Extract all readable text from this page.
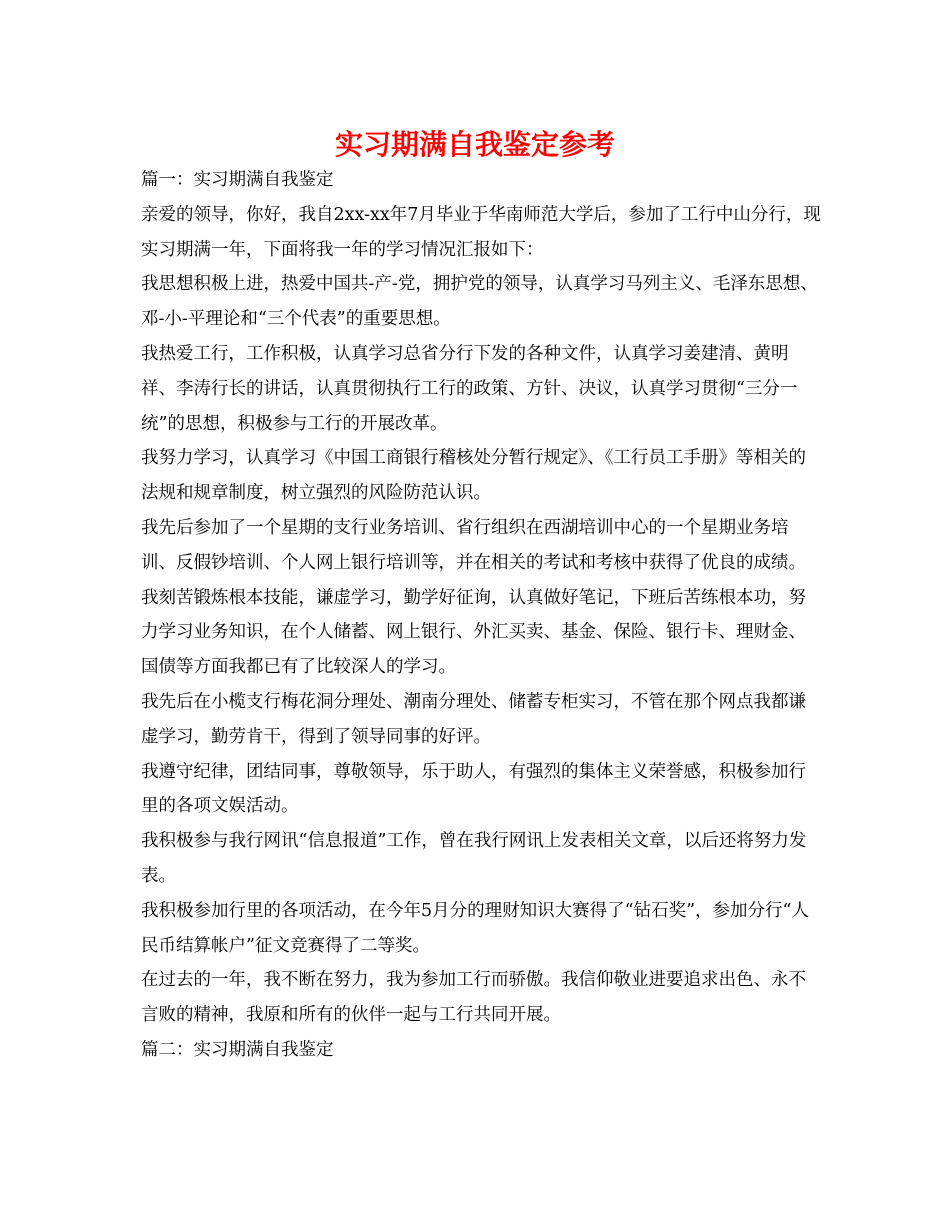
实习期满自我鉴定参考

篇一：实习期满自我鉴定

亲爱的领导，你好，我自2xx-xx年7月毕业于华南师范大学后，参加了工行中山分行，现实习期满一年，下面将我一年的学习情况汇报如下：

我思想积极上进，热爱中国共-产-党，拥护党的领导，认真学习马列主义、毛泽东思想、邓-小-平理论和“三个代表”的重要思想。

我热爱工行，工作积极，认真学习总省分行下发的各种文件，认真学习姜建清、黄明祥、李涛行长的讲话，认真贯彻执行工行的政策、方针、决议，认真学习贯彻“三分一统”的思想，积极参与工行的开展改革。

我努力学习，认真学习《中国工商银行稽核处分暂行规定》、《工行员工手册》等相关的法规和规章制度，树立强烈的风险防范认识。

我先后参加了一个星期的支行业务培训、省行组织在西湖培训中心的一个星期业务培训、反假钞培训、个人网上银行培训等，并在相关的考试和考核中获得了优良的成绩。

我刻苦锻炼根本技能，谦虚学习，勤学好征询，认真做好笔记，下班后苦练根本功，努力学习业务知识，在个人储蓄、网上银行、外汇买卖、基金、保险、银行卡、理财金、国债等方面我都已有了比较深人的学习。

我先后在小榄支行梅花洞分理处、潮南分理处、储蓄专柜实习，不管在那个网点我都谦虚学习，勤劳肯干，得到了领导同事的好评。

我遵守纪律，团结同事，尊敬领导，乐于助人，有强烈的集体主义荣誉感，积极参加行里的各项文娱活动。

我积极参与我行网讯“信息报道”工作，曾在我行网讯上发表相关文章，以后还将努力发表。

我积极参加行里的各项活动，在今年5月分的理财知识大赛得了“钻石奖”，参加分行“人民币结算帐户”征文竞赛得了二等奖。

在过去的一年，我不断在努力，我为参加工行而骄傲。我信仰敬业进要追求出色、永不言败的精神，我原和所有的伙伴一起与工行共同开展。

篇二：实习期满自我鉴定
